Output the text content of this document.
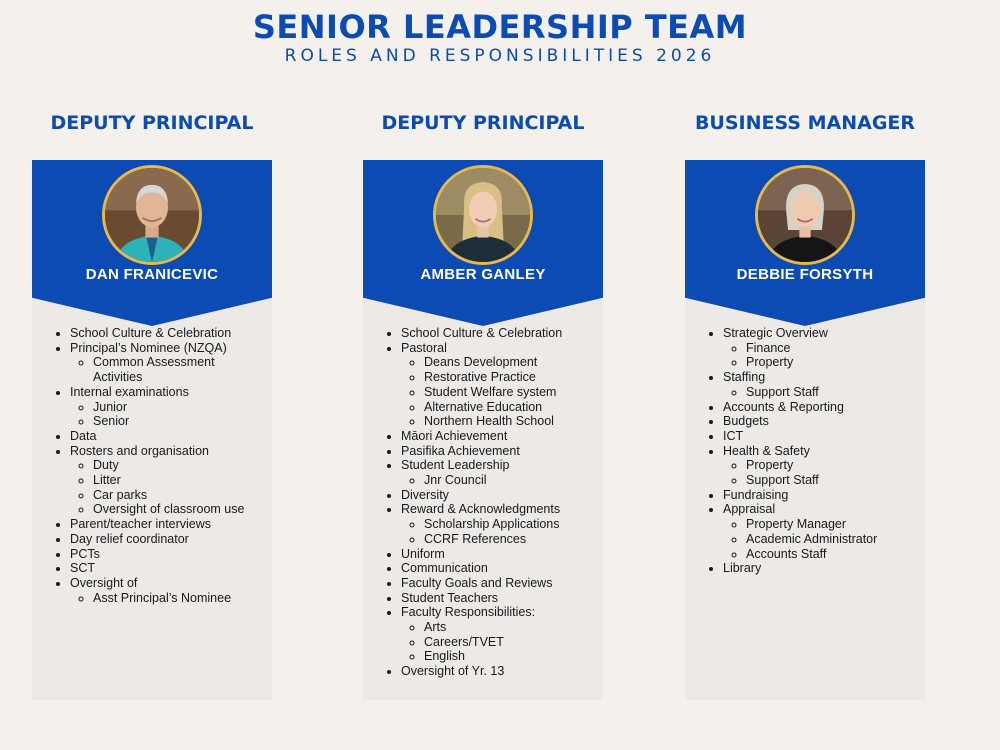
SENIOR LEADERSHIP TEAM
ROLES AND RESPONSIBILITIES 2026
DEPUTY PRINCIPAL
DAN FRANICEVIC
• School Culture & Celebration
• Principal’s Nominee (NZQA)
◦ Common Assessment Activities
• Internal examinations
◦ Junior
◦ Senior
• Data
• Rosters and organisation
◦ Duty
◦ Litter
◦ Car parks
◦ Oversight of classroom use
• Parent/teacher interviews
• Day relief coordinator
• PCTs
• SCT
• Oversight of
◦ Asst Principal’s Nominee
DEPUTY PRINCIPAL
AMBER GANLEY
• School Culture & Celebration
• Pastoral
◦ Deans Development
◦ Restorative Practice
◦ Student Welfare system
◦ Alternative Education
◦ Northern Health School
• Māori Achievement
• Pasifika Achievement
• Student Leadership
◦ Jnr Council
• Diversity
• Reward & Acknowledgments
◦ Scholarship Applications
◦ CCRF References
• Uniform
• Communication
• Faculty Goals and Reviews
• Student Teachers
• Faculty Responsibilities:
◦ Arts
◦ Careers/TVET
◦ English
• Oversight of Yr. 13
BUSINESS MANAGER
DEBBIE FORSYTH
• Strategic Overview
◦ Finance
◦ Property
• Staffing
◦ Support Staff
• Accounts & Reporting
• Budgets
• ICT
• Health & Safety
◦ Property
◦ Support Staff
• Fundraising
• Appraisal
◦ Property Manager
◦ Academic Administrator
◦ Accounts Staff
• Library
